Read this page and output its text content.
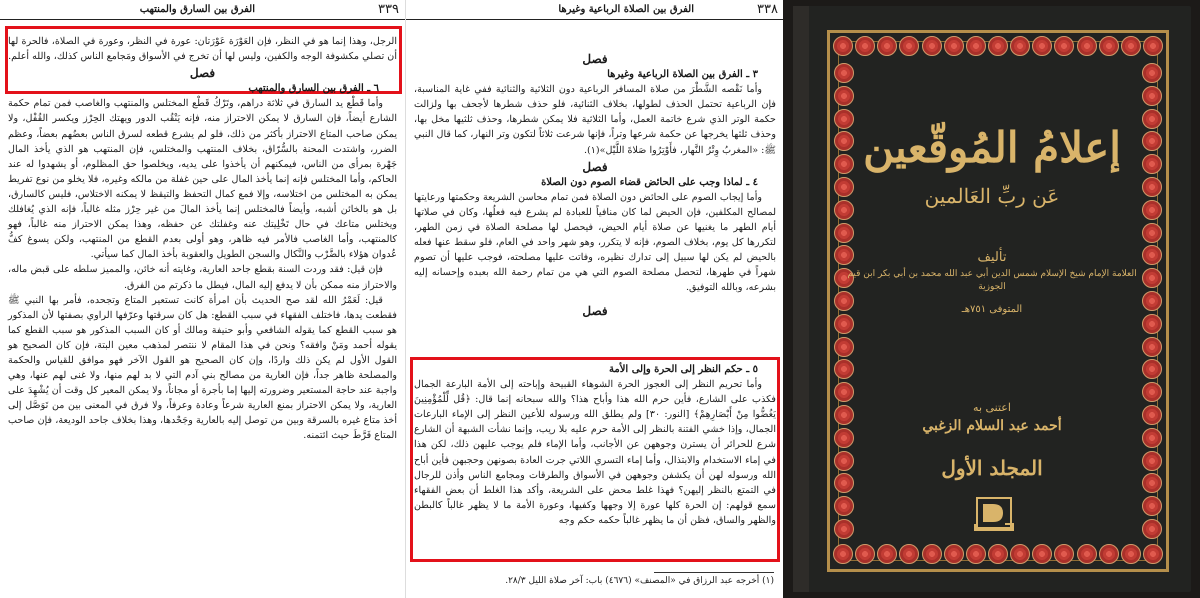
٣٣٩
الفرق بين السارق والمنتهب

الرجل، وهذا إنما هو في النظر، فإن العَوْرَة عَوْرَتان: عورة في النظر، وعورة في الصلاة، فالحرة لها أن تصلي مكشوفة الوجه والكفين، وليس لها أن تخرج في الأسواق ومَجامع الناس كذلك، والله أعلم.

فصل

٦ ـ الفرق بين السارق والمنتهب

وأما قَطْع يد السارق في ثلاثة دراهم، وتَرْكُ قَطْع المختلس والمنتهب والغاصب فمن تمام حكمة الشارع أيضاً، فإن السارق لا يمكن الاحتراز منه، فإنه يَنْقُب الدور ويهتك الحِرْز ويكسر القُفْل، ولا يمكن صاحب المتاع الاحتراز بأكثر من ذلك، فلو لم يشرع قطعه لسرق الناس بعضُهم بعضاً، وعظم الضرر، واشتدت المحنة بالسُّرّاق، بخلاف المنتهب والمختلس، فإن المنتهب هو الذي يأخذ المال جَهْرة بمرأى من الناس، فيمكنهم أن يأخذوا على يديه، ويخلصوا حق المظلوم، أو يشهدوا له عند الحاكم، وأما المختلس فإنه إنما يأخذ المال على حين غفلة من مالكه وغيره، فلا يخلو من نوع تفريط يمكن به المختلس من اختلاسه، وإلا فمع كمال التحفظ والتيقظ لا يمكنه الاختلاس، فليس كالسارق، بل هو بالخائن أشبه، وأيضاً فالمختلس إنما يأخذ المالَ من غير حِرْز مثله غالباً، فإنه الذي يُغافلك ويختلس متاعك في حال تَخْلِيتك عنه وغفلتك عن حفظه، وهذا يمكن الاحتراز منه غالباً، فهو كالمنتهب، وأما الغاصب فالأمر فيه ظاهر، وهو أولى بعدم القطع من المنتهب، ولكن يسوغ كفُّ عُدوان هؤلاء بالضَّرْب والنَّكال والسجن الطويل والعقوبة بأخذ المال كما سيأتي.

فإن قيل: فقد وردت السنة بقطع جاحد العارية، وغايته أنه خائن، والمميز سلطه على قبض ماله، والاحتراز منه ممكن بأن لا يدفع إليه المال، فيطل ما ذكرتم من الفرق.

قيل: لَعَمْرُ الله لقد صح الحديث بأن امرأة كانت تستعير المتاع وتجحده، فأمر بها النبي ﷺ فقطعت يدها، فاختلف الفقهاء في سبب القطع: هل كان سرقتها وعرّفها الراوي بصفتها لأن المذكور هو سبب القطع كما يقوله الشافعي وأبو حنيفة ومالك أو كان السبب المذكور هو سبب القطع كما يقوله أحمد ومَنْ وافقه؟ ونحن في هذا المقام لا ننتصر لمذهب معين البتة، فإن كان الصحيح هو القول الأول لم يكن ذلك واردًا، وإن كان الصحيح هو القول الآخر فهو موافق للقياس والحكمة والمصلحة ظاهر جداً، فإن العارية من مصالح بني آدم التي لا بد لهم منها، ولا غنى لهم عنها، وهي واجبة عند حاجة المستعير وضرورته إليها إما بأجرة أو مجاناً، ولا يمكن المعير كل وقت أن يُشْهِدَ على العارية، ولا يمكن الاحتراز بمنع العارية شرعاً وعادة وعرفاً، ولا فرق في المعنى بين من تَوَصَّل إلى أخذ متاع غيره بالسرقة وبين من توصل إليه بالعارية وجَحْدها، وهذا بخلاف جاحد الوديعة، فإن صاحب المتاع فَرَّطَ حيث ائتمنه.

٣٣٨
الفرق بين الصلاة الرباعية وغيرها

فصل

٣ ـ الفرق بين الصلاة الرباعية وغيرها

وأما نَقْصه الشَّطْرَ من صلاة المسافر الرباعية دون الثلاثية والثنائية ففي غاية المناسبة، فإن الرباعية تحتمل الحذف لطولها، بخلاف الثنائية، فلو حذف شطرها لأجحف بها ولزالت حكمة الوتر الذي شرع خاتمة العمل، وأما الثلاثية فلا يمكن شطرها، وحذف ثلثيها مخل بها، وحذف ثلثها يخرجها عن حكمة شرعها وتراً، فإنها شرعت ثلاثاً لتكون وتر النهار، كما قال النبي ﷺ: «المغربُ وِتْرُ النَّهار، فأَوْتِرُوا صَلاةَ اللَّيْل»(١).

فصل

٤ ـ لماذا وجب على الحائض قضاء الصوم دون الصلاة

وأما إيجاب الصوم على الحائض دون الصلاة فمن تمام محاسن الشريعة وحكمتها ورعايتها لمصالح المكلفين، فإن الحيض لما كان منافياً للعبادة لم يشرع فيه فعلُها، وكان في صلاتها أيام الطهر ما يغنيها عن صلاة أيام الحيض، فيحصل لها مصلحة الصلاة في زمن الطهر، لتكررها كل يوم، بخلاف الصوم، فإنه لا يتكرر، وهو شهر واحد في العام، فلو سقط عنها فعله بالحيض لم يكن لها سبيل إلى تدارك نظيره، وفاتت عليها مصلحته، فوجب عليها أن تصوم شهراً في طهرها، لتحصل مصلحة الصوم التي هي من تمام رحمة الله بعبده وإحسانه إليه بشرعه، وبالله التوفيق.

فصل

٥ ـ حكم النظر إلى الحرة وإلى الأمة

وأما تحريم النظر إلى العجوز الحرة الشوهاء القبيحة وإباحته إلى الأمة البارعة الجمال فكذب على الشارع، فأين حرم الله هذا وأباح هذا؟ والله سبحانه إنما قال: ﴿قُل لِّلْمُؤْمِنِينَ يَغُضُّوا مِنْ أَبْصَارِهِمْ﴾ [النور: ٣٠] ولم يطلق الله ورسوله للأعين النظر إلى الإماء البارعات الجمال، وإذا خشي الفتنة بالنظر إلى الأمة حرم عليه بلا ريب، وإنما نشأت الشبهة أن الشارع شرع للحرائر أن يسترن وجوههن عن الأجانب، وأما الإماء فلم يوجب عليهن ذلك، لكن هذا في إماء الاستخدام والابتذال، وأما إماء التسري اللاتي جرت العادة بصونهن وحجبهن فأين أباح الله ورسوله لهن أن يكشفن وجوههن في الأسواق والطرقات ومجامع الناس وأذن للرجال في التمتع بالنظر إليهن؟ فهذا غلط محض على الشريعة، وأكد هذا الغلط أن بعض الفقهاء سمع قولهم: إن الحرة كلها عورة إلا وجهها وكفيها، وعورة الأمة ما لا يظهر غالباً كالبطن والظهر والساق، فظن أن ما يظهر غالباً حكمه حكم وجه

(١) أخرجه عبد الرزاق في «المصنف» (٤٦٧٦) باب: آخر صلاة الليل ٢٨/٣.
إعلامُ المُوقّعين
عَن ربِّ العَالمين
تأليف
العلامة الإمام شيخ الإسلام شمس الدين أبي عبد الله محمد بن أبي بكر ابن قيم الجوزية
المتوفى ٧٥١هـ
اعتنى به
أحمد عبد السلام الزغبي
المجلد الأول
